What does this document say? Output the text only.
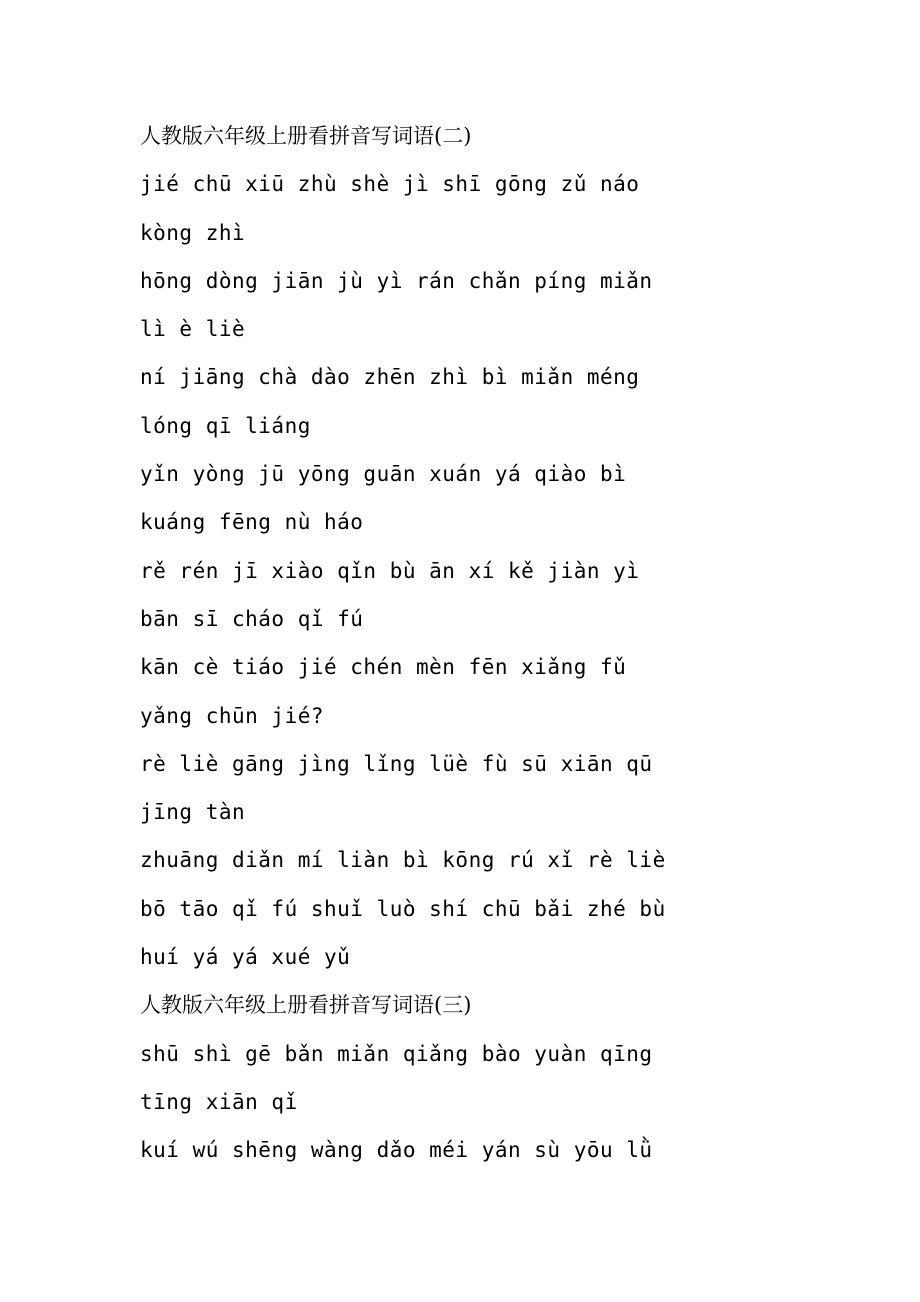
人教版六年级上册看拼音写词语(二)
jié chū xiū zhù shè jì shī gōng zǔ náo
kòng zhì
hōng dòng jiān jù yì rán chǎn píng miǎn
lì è liè
ní jiāng chà dào zhēn zhì bì miǎn méng
lóng qī liáng
yǐn yòng jū yōng guān xuán yá qiào bì
kuáng fēng nù háo
rě rén jī xiào qǐn bù ān xí kě jiàn yì
bān sī cháo qǐ fú
kān cè tiáo jié chén mèn fēn xiǎng fǔ
yǎng chūn jié?
rè liè gāng jìng lǐng lüè fù sū xiān qū
jīng tàn
zhuāng diǎn mí liàn bì kōng rú xǐ rè liè
bō tāo qǐ fú shuǐ luò shí chū bǎi zhé bù
huí yá yá xué yǔ
人教版六年级上册看拼音写词语(三)
shū shì gē bǎn miǎn qiǎng bào yuàn qīng
tīng xiān qǐ
kuí wú shēng wàng dǎo méi yán sù yōu lǜ
